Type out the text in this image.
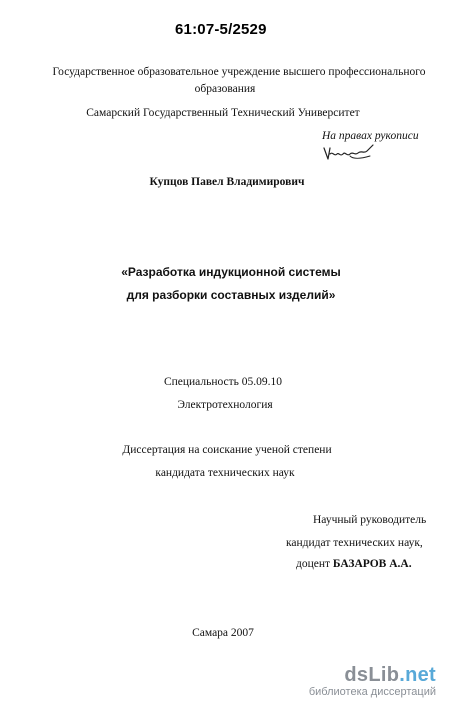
61:07-5/2529
Государственное образовательное учреждение высшего профессионального
образования
Самарский Государственный Технический Университет
На правах рукописи
Купцов Павел Владимирович
«Разработка индукционной системы
для разборки составных изделий»
Специальность 05.09.10
Электротехнология
Диссертация на соискание ученой степени
кандидата технических наук
Научный руководитель
кандидат технических наук,
доцент БАЗАРОВ А.А.
Самара 2007
dsLib.net
библиотека диссертаций
